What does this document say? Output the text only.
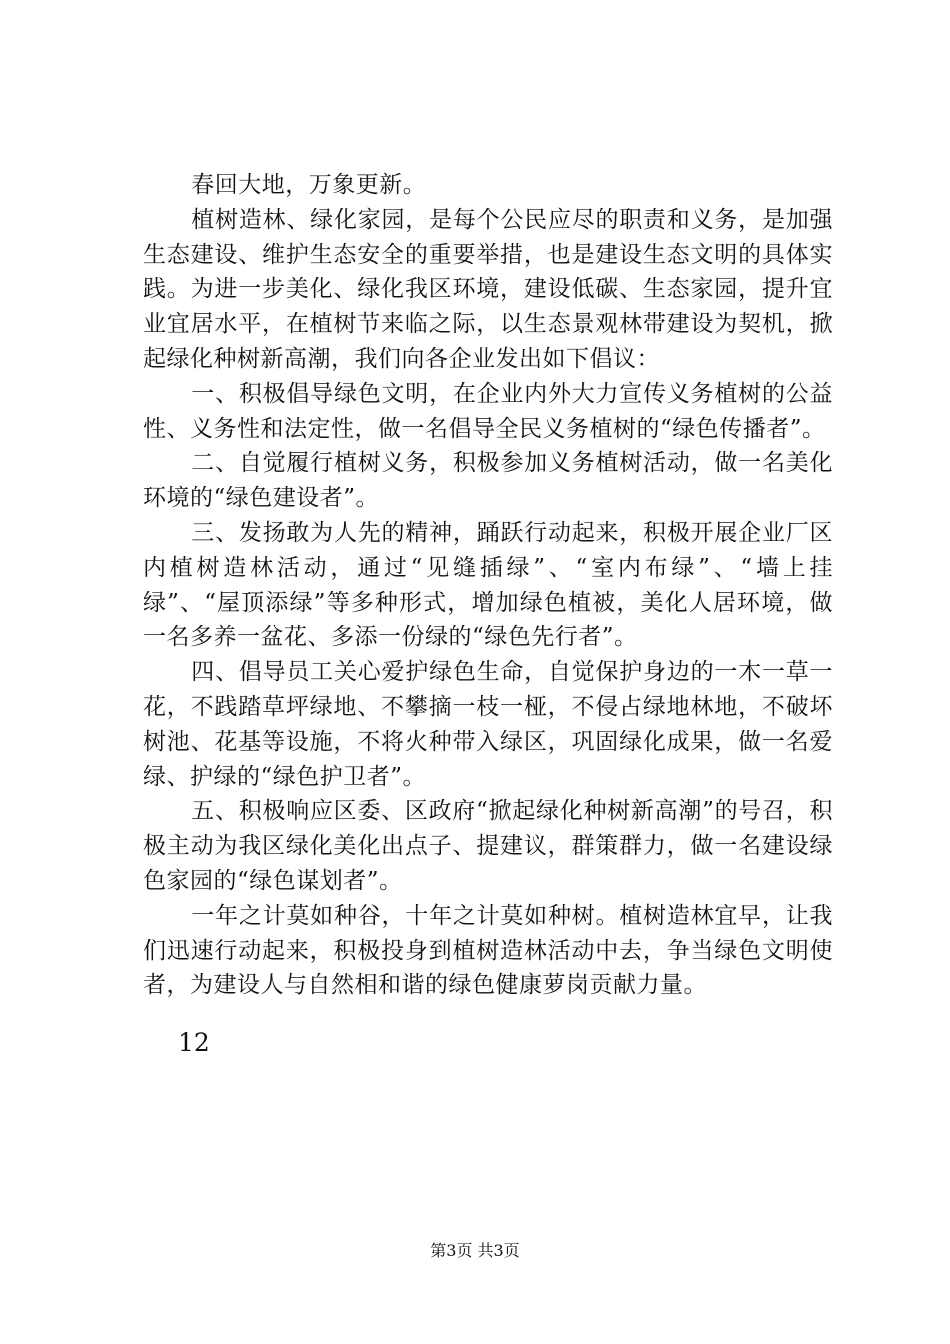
春回大地，万象更新。

植树造林、绿化家园，是每个公民应尽的职责和义务，是加强生态建设、维护生态安全的重要举措，也是建设生态文明的具体实践。为进一步美化、绿化我区环境，建设低碳、生态家园，提升宜业宜居水平，在植树节来临之际，以生态景观林带建设为契机，掀起绿化种树新高潮，我们向各企业发出如下倡议：

一、积极倡导绿色文明，在企业内外大力宣传义务植树的公益性、义务性和法定性，做一名倡导全民义务植树的“绿色传播者”。

二、自觉履行植树义务，积极参加义务植树活动，做一名美化环境的“绿色建设者”。

三、发扬敢为人先的精神，踊跃行动起来，积极开展企业厂区内植树造林活动，通过“见缝插绿”、“室内布绿”、“墙上挂绿”、“屋顶添绿”等多种形式，增加绿色植被，美化人居环境，做一名多养一盆花、多添一份绿的“绿色先行者”。

四、倡导员工关心爱护绿色生命，自觉保护身边的一木一草一花，不践踏草坪绿地、不攀摘一枝一桠，不侵占绿地林地，不破坏树池、花基等设施，不将火种带入绿区，巩固绿化成果，做一名爱绿、护绿的“绿色护卫者”。

五、积极响应区委、区政府“掀起绿化种树新高潮”的号召，积极主动为我区绿化美化出点子、提建议，群策群力，做一名建设绿色家园的“绿色谋划者”。

一年之计莫如种谷，十年之计莫如种树。植树造林宜早，让我们迅速行动起来，积极投身到植树造林活动中去，争当绿色文明使者，为建设人与自然相和谐的绿色健康萝岗贡献力量。

12
第3页 共3页
